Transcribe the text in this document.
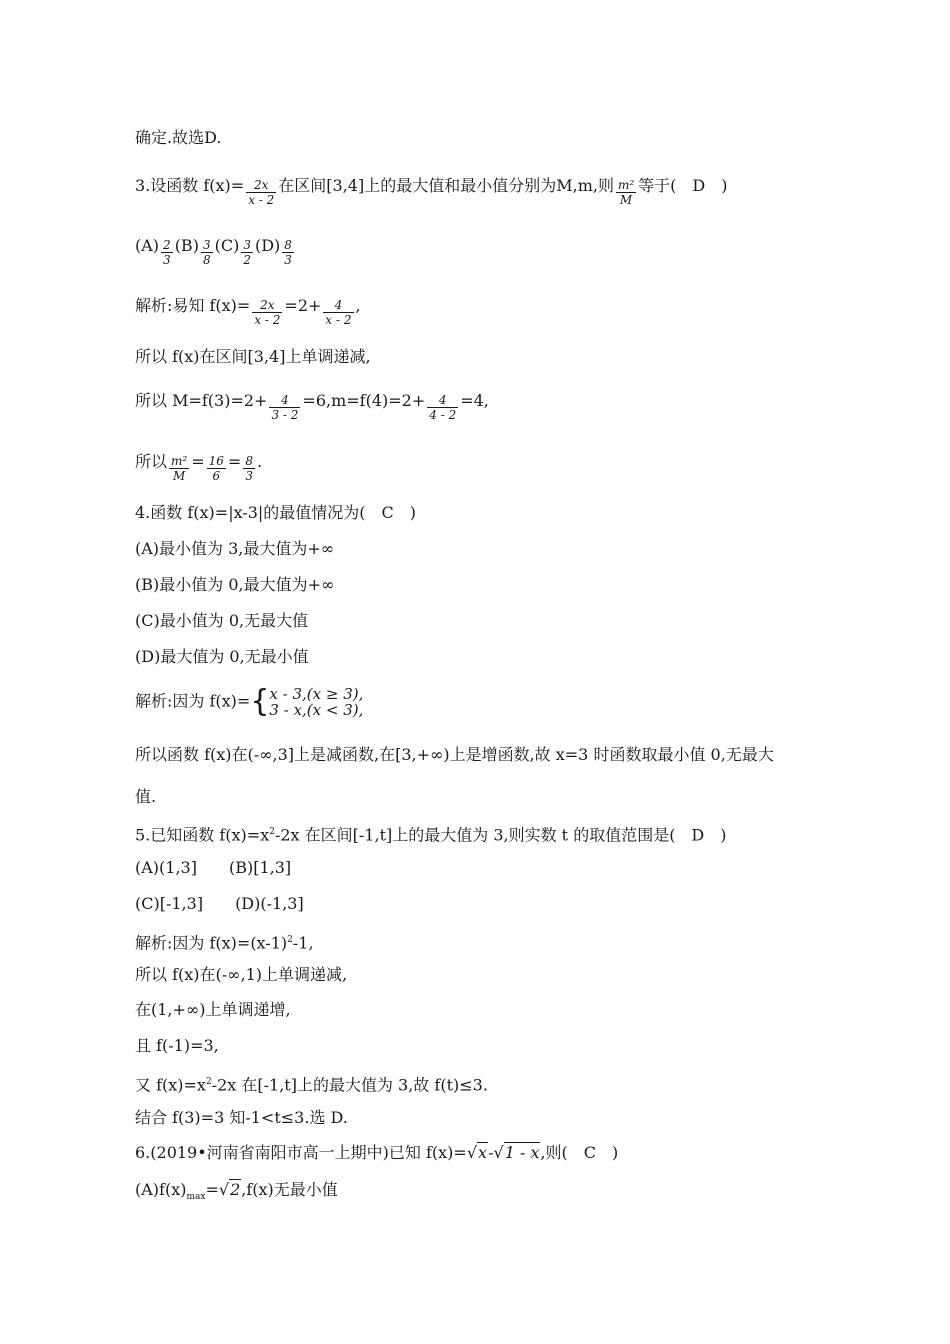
确定.故选D.
3.设函数 $f(x)= \frac{2x}{x - 2}$ 在区间[3,4]上的最大值和最小值分别为M,m,则 $\frac{\text{m²}}{M}$ 等于(　D　)
$(A) \frac{2}{3} (B) \frac{3}{8} (C) \frac{3}{2} (D) \frac{8}{3}$
解析:易知 $f(x)= \frac{2x}{x - 2} =2+ \frac{4}{x - 2}$ ,
所以 f(x)在区间[3,4]上单调递减,
所以 $M=f(3)=2+ \frac{4}{3 - 2} =6,m=f(4)=2+ \frac{4}{4 - 2} =4$,
所以 $\frac{\text{m²}}{M} = \frac{16}{6} = \frac{8}{3}$ .
4.函数 f(x)=|x-3|的最值情况为(　C　)
(A)最小值为 3,最大值为+∞
(B)最小值为 0,最大值为+∞
(C)最小值为 0,无最大值
(D)最大值为 0,无最小值
解析:因为 f(x)={ x - 3,(x ≥ 3),
3 - x,(x < 3),
所以函数 f(x)在(-∞,3]上是减函数,在[3,+∞)上是增函数,故 x=3 时函数取最小值 0,无最大
值.
5.已知函数 $f(x)=x^2-2x$ 在区间[-1,t]上的最大值为 3,则实数 t 的取值范围是(　D　)
(A)(1,3]　　(B)[1,3]
(C)[-1,3]　　(D)(-1,3]
解析:因为 $f(x)=(x-1)^2-1$,
所以 f(x)在(-∞,1)上单调递减,
在(1,+∞)上单调递增,
且 f(-1)=3,
又 $f(x)=x^2-2x$ 在[-1,t]上的最大值为 3,故 f(t)≤3.
结合 f(3)=3 知-1<t≤3.选 D.
6.(2019•河南省南阳市高一上期中)已知 f(x)=√x-√1 - x,则(　C　)
$(A)f(x)_{max}=√2,f(x)$无最小值
